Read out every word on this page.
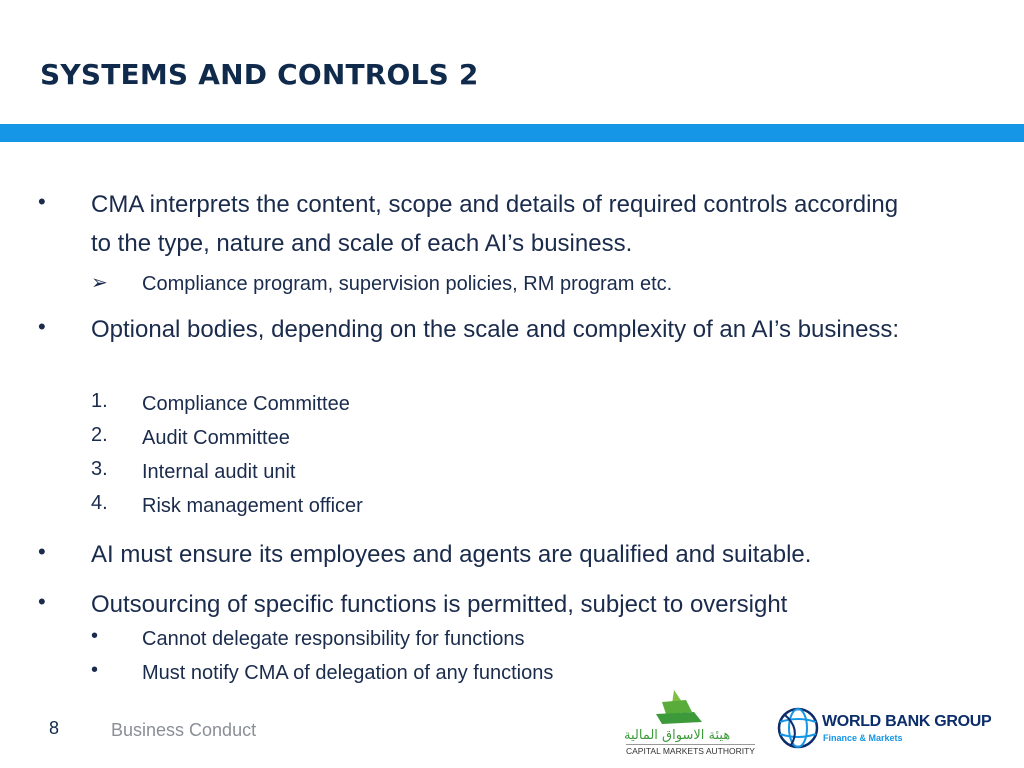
SYSTEMS AND CONTROLS 2
• CMA interprets the content, scope and details of required controls according to the type, nature and scale of each AI’s business.
➢ Compliance program, supervision policies, RM program etc.
• Optional bodies, depending on the scale and complexity of an AI’s business:
1. Compliance Committee
2. Audit Committee
3. Internal audit unit
4. Risk management officer
• AI must ensure its employees and agents are qualified and suitable.
• Outsourcing of specific functions is permitted, subject to oversight
• Cannot delegate responsibility for functions
• Must notify CMA of delegation of any functions
8	Business Conduct	هيئة الاسواق المالية
CAPITAL MARKETS AUTHORITY
WORLD BANK GROUP
Finance & Markets
